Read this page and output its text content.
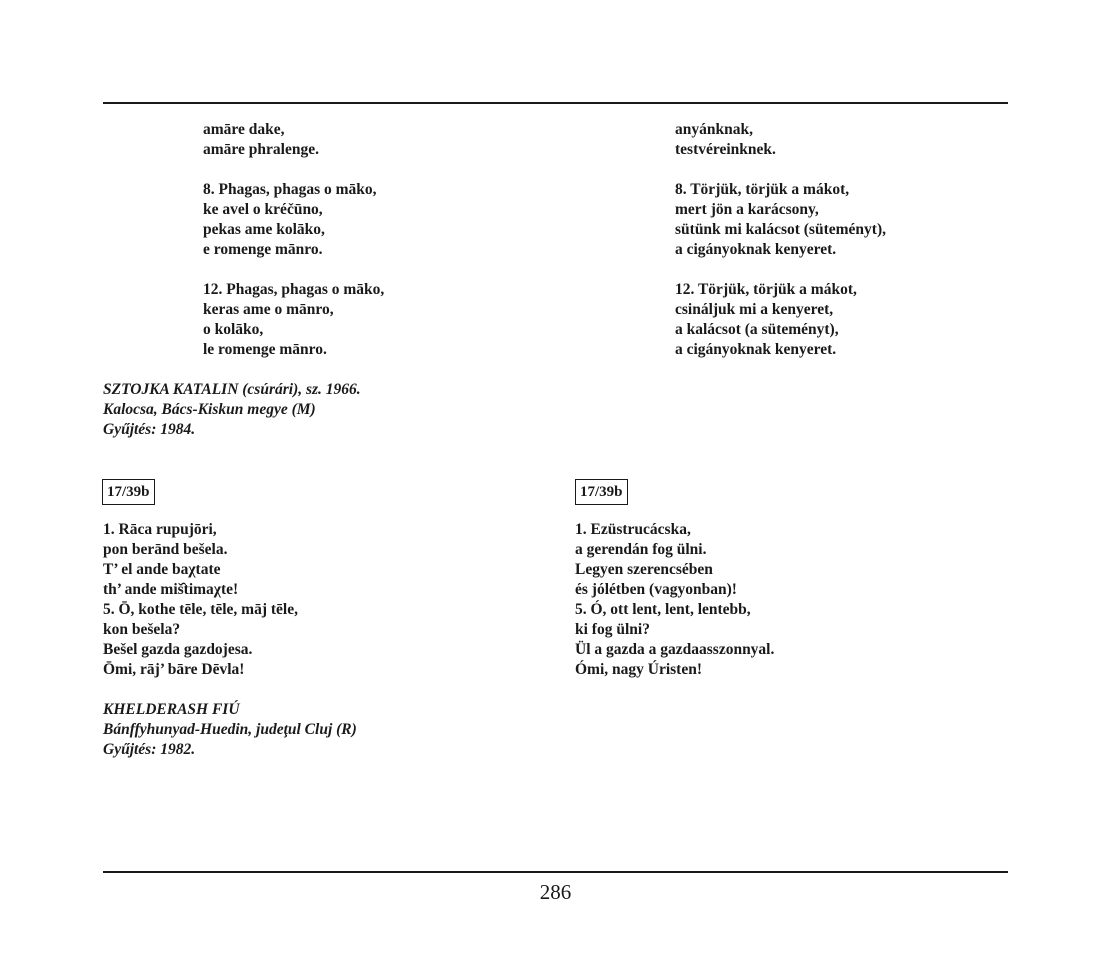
amāre dake,
amāre phralenge.
8. Phagas, phagas o māko,
ke avel o kréčūno,
pekas ame kolāko,
e romenge mānro.
12. Phagas, phagas o māko,
keras ame o mānro,
o kolāko,
le romenge mānro.
anyánknak,
testvéreinknek.
8. Törjük, törjük a mákot,
mert jön a karácsony,
sütünk mi kalácsot (süteményt),
a cigányoknak kenyeret.
12. Törjük, törjük a mákot,
csináljuk mi a kenyeret,
a kalácsot (a süteményt),
a cigányoknak kenyeret.
SZTOJKA KATALIN (csúrári), sz. 1966.
Kalocsa, Bács-Kiskun megye (M)
Gyűjtés: 1984.
17/39b	17/39b
1. Rāca rupujōri,
pon berānd bešela.
T’ el ande baχtate
th’ ande miš̑timaχte!
5. Ō, kothe tēle, tēle, māj tēle,
kon bešela?
Bešel gazda gazdojesa.
Ōmi, rāj’ bāre Dēvla!
1. Ezüstrucácska,
a gerendán fog ülni.
Legyen szerencsében
és jólétben (vagyonban)!
5. Ó, ott lent, lent, lentebb,
ki fog ülni?
Ül a gazda a gazdaasszonnyal.
Ómi, nagy Úristen!
KHELDERASH FIÚ
Bánffyhunyad-Huedin, judeţul Cluj (R)
Gyűjtés: 1982.
286
